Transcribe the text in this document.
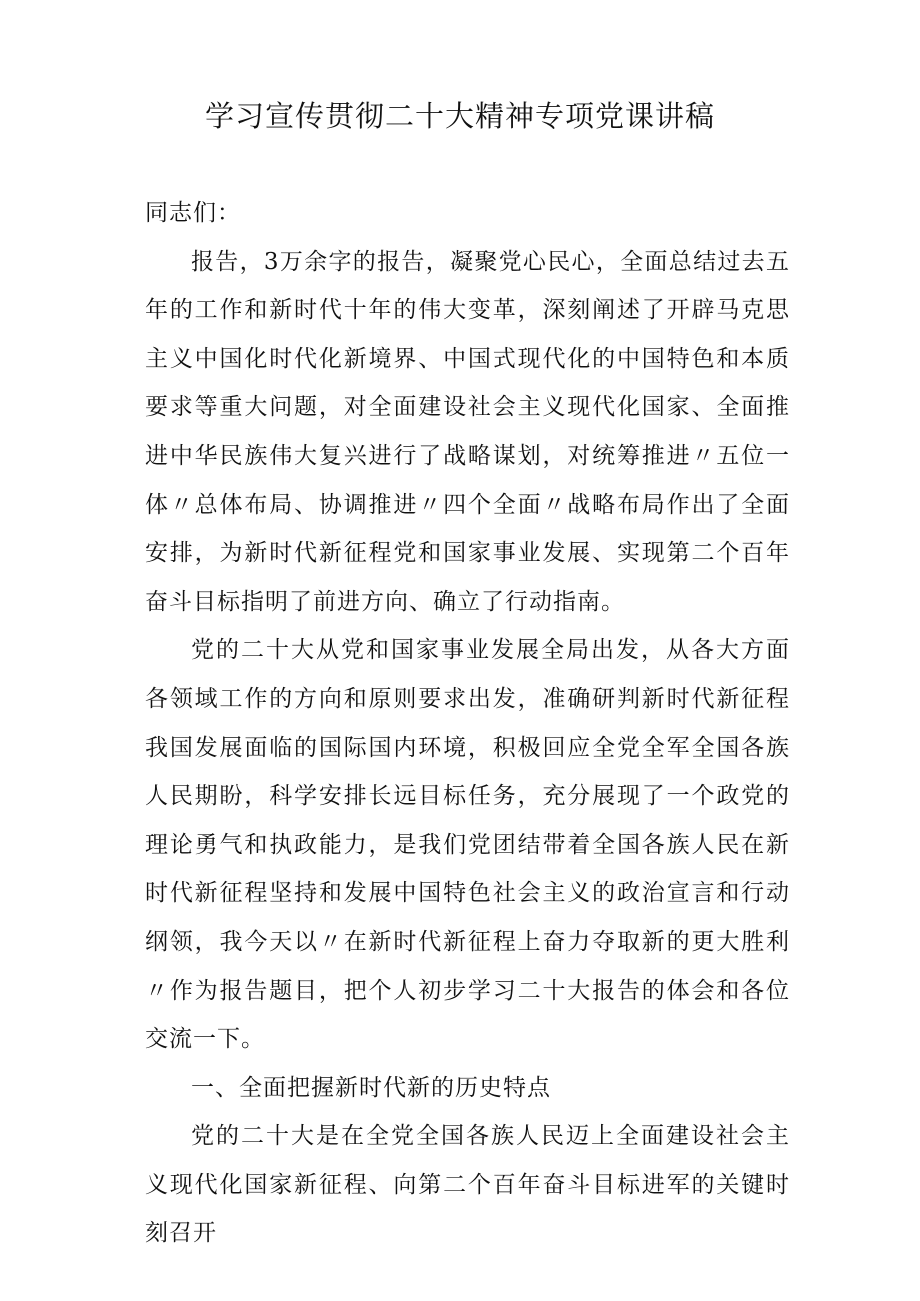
学习宣传贯彻二十大精神专项党课讲稿

同志们：

报告，3万余字的报告，凝聚党心民心，全面总结过去五年的工作和新时代十年的伟大变革，深刻阐述了开辟马克思主义中国化时代化新境界、中国式现代化的中国特色和本质要求等重大问题，对全面建设社会主义现代化国家、全面推进中华民族伟大复兴进行了战略谋划，对统筹推进〃五位一体〃总体布局、协调推进〃四个全面〃战略布局作出了全面安排，为新时代新征程党和国家事业发展、实现第二个百年奋斗目标指明了前进方向、确立了行动指南。

党的二十大从党和国家事业发展全局出发，从各大方面各领域工作的方向和原则要求出发，准确研判新时代新征程我国发展面临的国际国内环境，积极回应全党全军全国各族人民期盼，科学安排长远目标任务，充分展现了一个政党的理论勇气和执政能力，是我们党团结带着全国各族人民在新时代新征程坚持和发展中国特色社会主义的政治宣言和行动纲领，我今天以〃在新时代新征程上奋力夺取新的更大胜利〃作为报告题目，把个人初步学习二十大报告的体会和各位交流一下。

一、全面把握新时代新的历史特点

党的二十大是在全党全国各族人民迈上全面建设社会主义现代化国家新征程、向第二个百年奋斗目标进军的关键时刻召开
